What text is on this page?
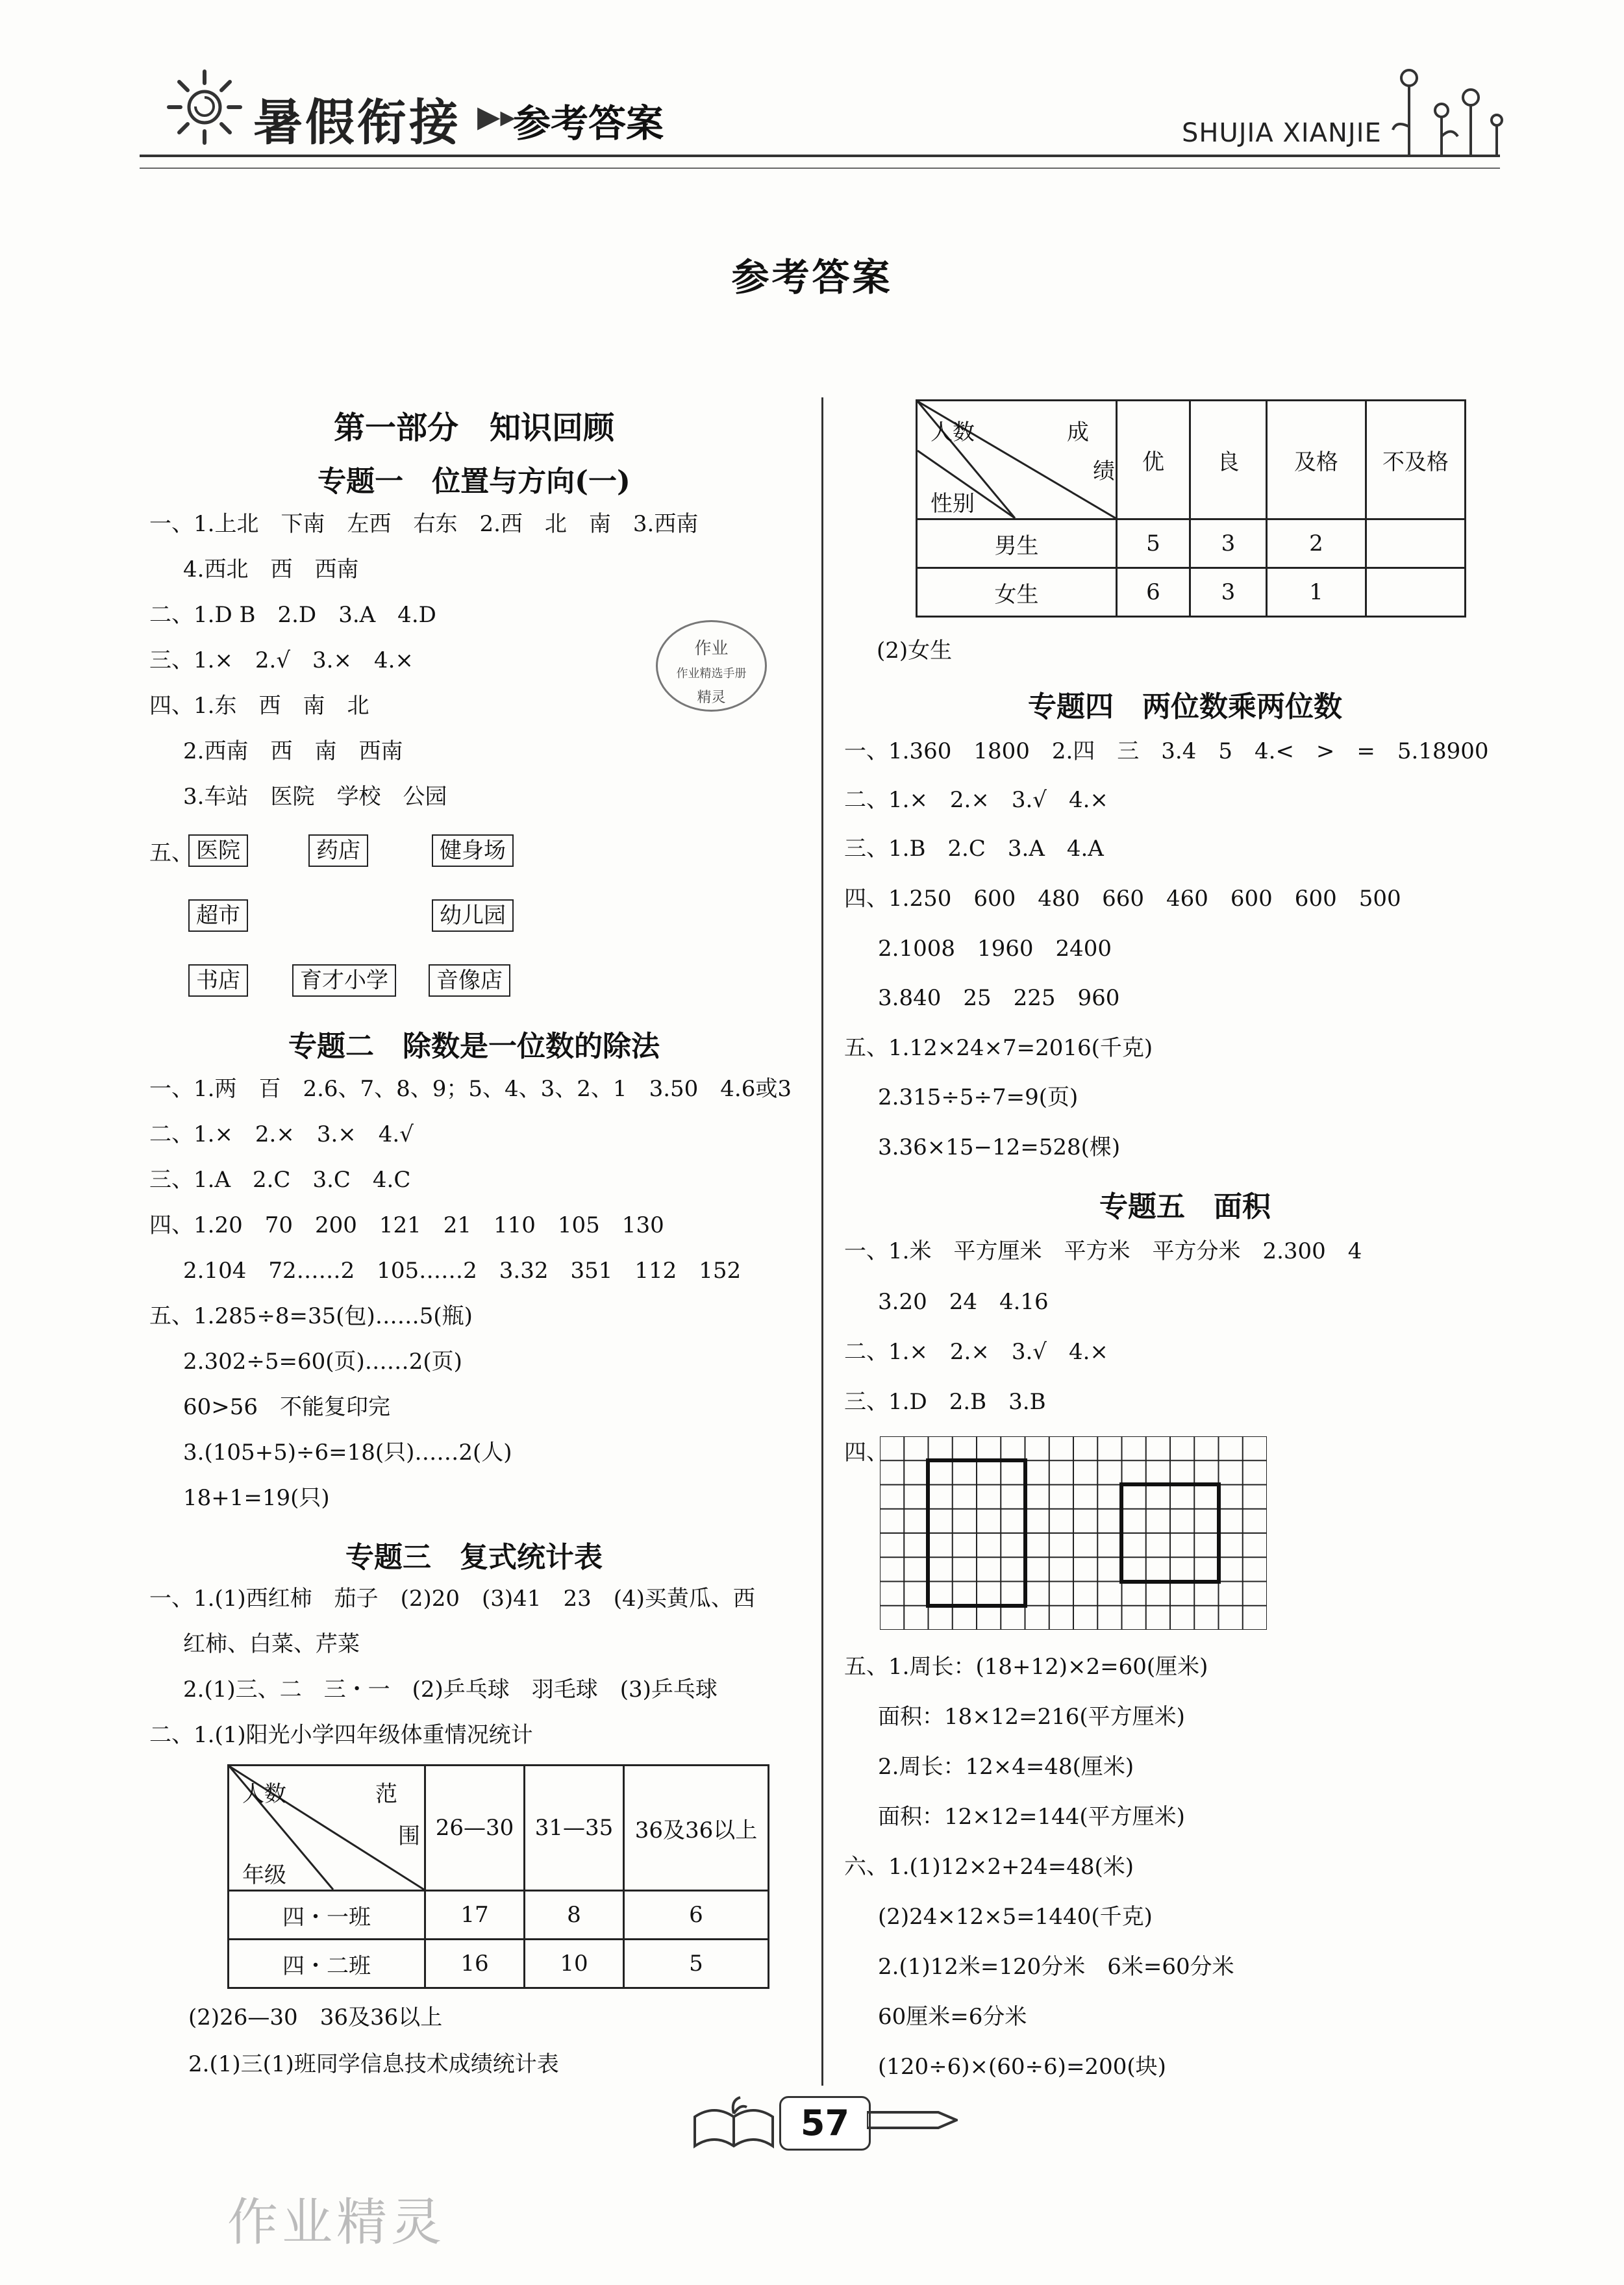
暑假衔接 ▶▸
参考答案	SHUJIA XIANJIE
参考答案
第一部分　知识回顾
专题一　位置与方向(一)
一、1.上北　下南　左西　右东　2.西　北　南　3.西南
4.西北　西　西南
二、1.D B　2.D　3.A　4.D
三、1.×　2.√　3.×　4.×
四、1.东　西　南　北
2.西南　西　南　西南
3.车站　医院　学校　公园
作业
作业精选手册
精灵
五、 医院	药店	健身场
超市	幼儿园
书店	育才小学	音像店
专题二　除数是一位数的除法
一、1.两　百　2.6、7、8、9；5、4、3、2、1　3.50　4.6或3
二、1.×　2.×　3.×　4.√
三、1.A　2.C　3.C　4.C
四、1.20　70　200　121　21　110　105　130
2.104　72……2　105……2　3.32　351　112　152
五、1.285÷8=35(包)……5(瓶)
2.302÷5=60(页)……2(页)
60>56　不能复印完
3.(105+5)÷6=18(只)……2(人)
18+1=19(只)
专题三　复式统计表
一、1.(1)西红柿　茄子　(2)20　(3)41　23　(4)买黄瓜、西
红柿、白菜、芹菜
2.(1)三、二　三・一　(2)乒乓球　羽毛球　(3)乒乓球
二、1.(1)阳光小学四年级体重情况统计
人数 范
围
年级	26—30	31—35	36及36以上
四・一班	17	8	6
四・二班	16	10	5
(2)26—30　36及36以上
2.(1)三(1)班同学信息技术成绩统计表
人数 成
绩
性别	优	良	及格	不及格
男生	5	3	2	
女生	6	3	1	
(2)女生
专题四　两位数乘两位数
一、1.360　1800　2.四　三　3.4　5　4.<　>　=　5.18900
二、1.×　2.×　3.√　4.×
三、1.B　2.C　3.A　4.A
四、1.250　600　480　660　460　600　600　500
2.1008　1960　2400
3.840　25　225　960
五、1.12×24×7=2016(千克)
2.315÷5÷7=9(页)
3.36×15−12=528(棵)
专题五　面积
一、1.米　平方厘米　平方米　平方分米　2.300　4
3.20　24　4.16
二、1.×　2.×　3.√　4.×
三、1.D　2.B　3.B
四、
五、1.周长：(18+12)×2=60(厘米)
面积：18×12=216(平方厘米)
2.周长：12×4=48(厘米)
面积：12×12=144(平方厘米)
六、1.(1)12×2+24=48(米)
(2)24×12×5=1440(千克)
2.(1)12米=120分米　6米=60分米
60厘米=6分米
(120÷6)×(60÷6)=200(块)
57
作业精灵
